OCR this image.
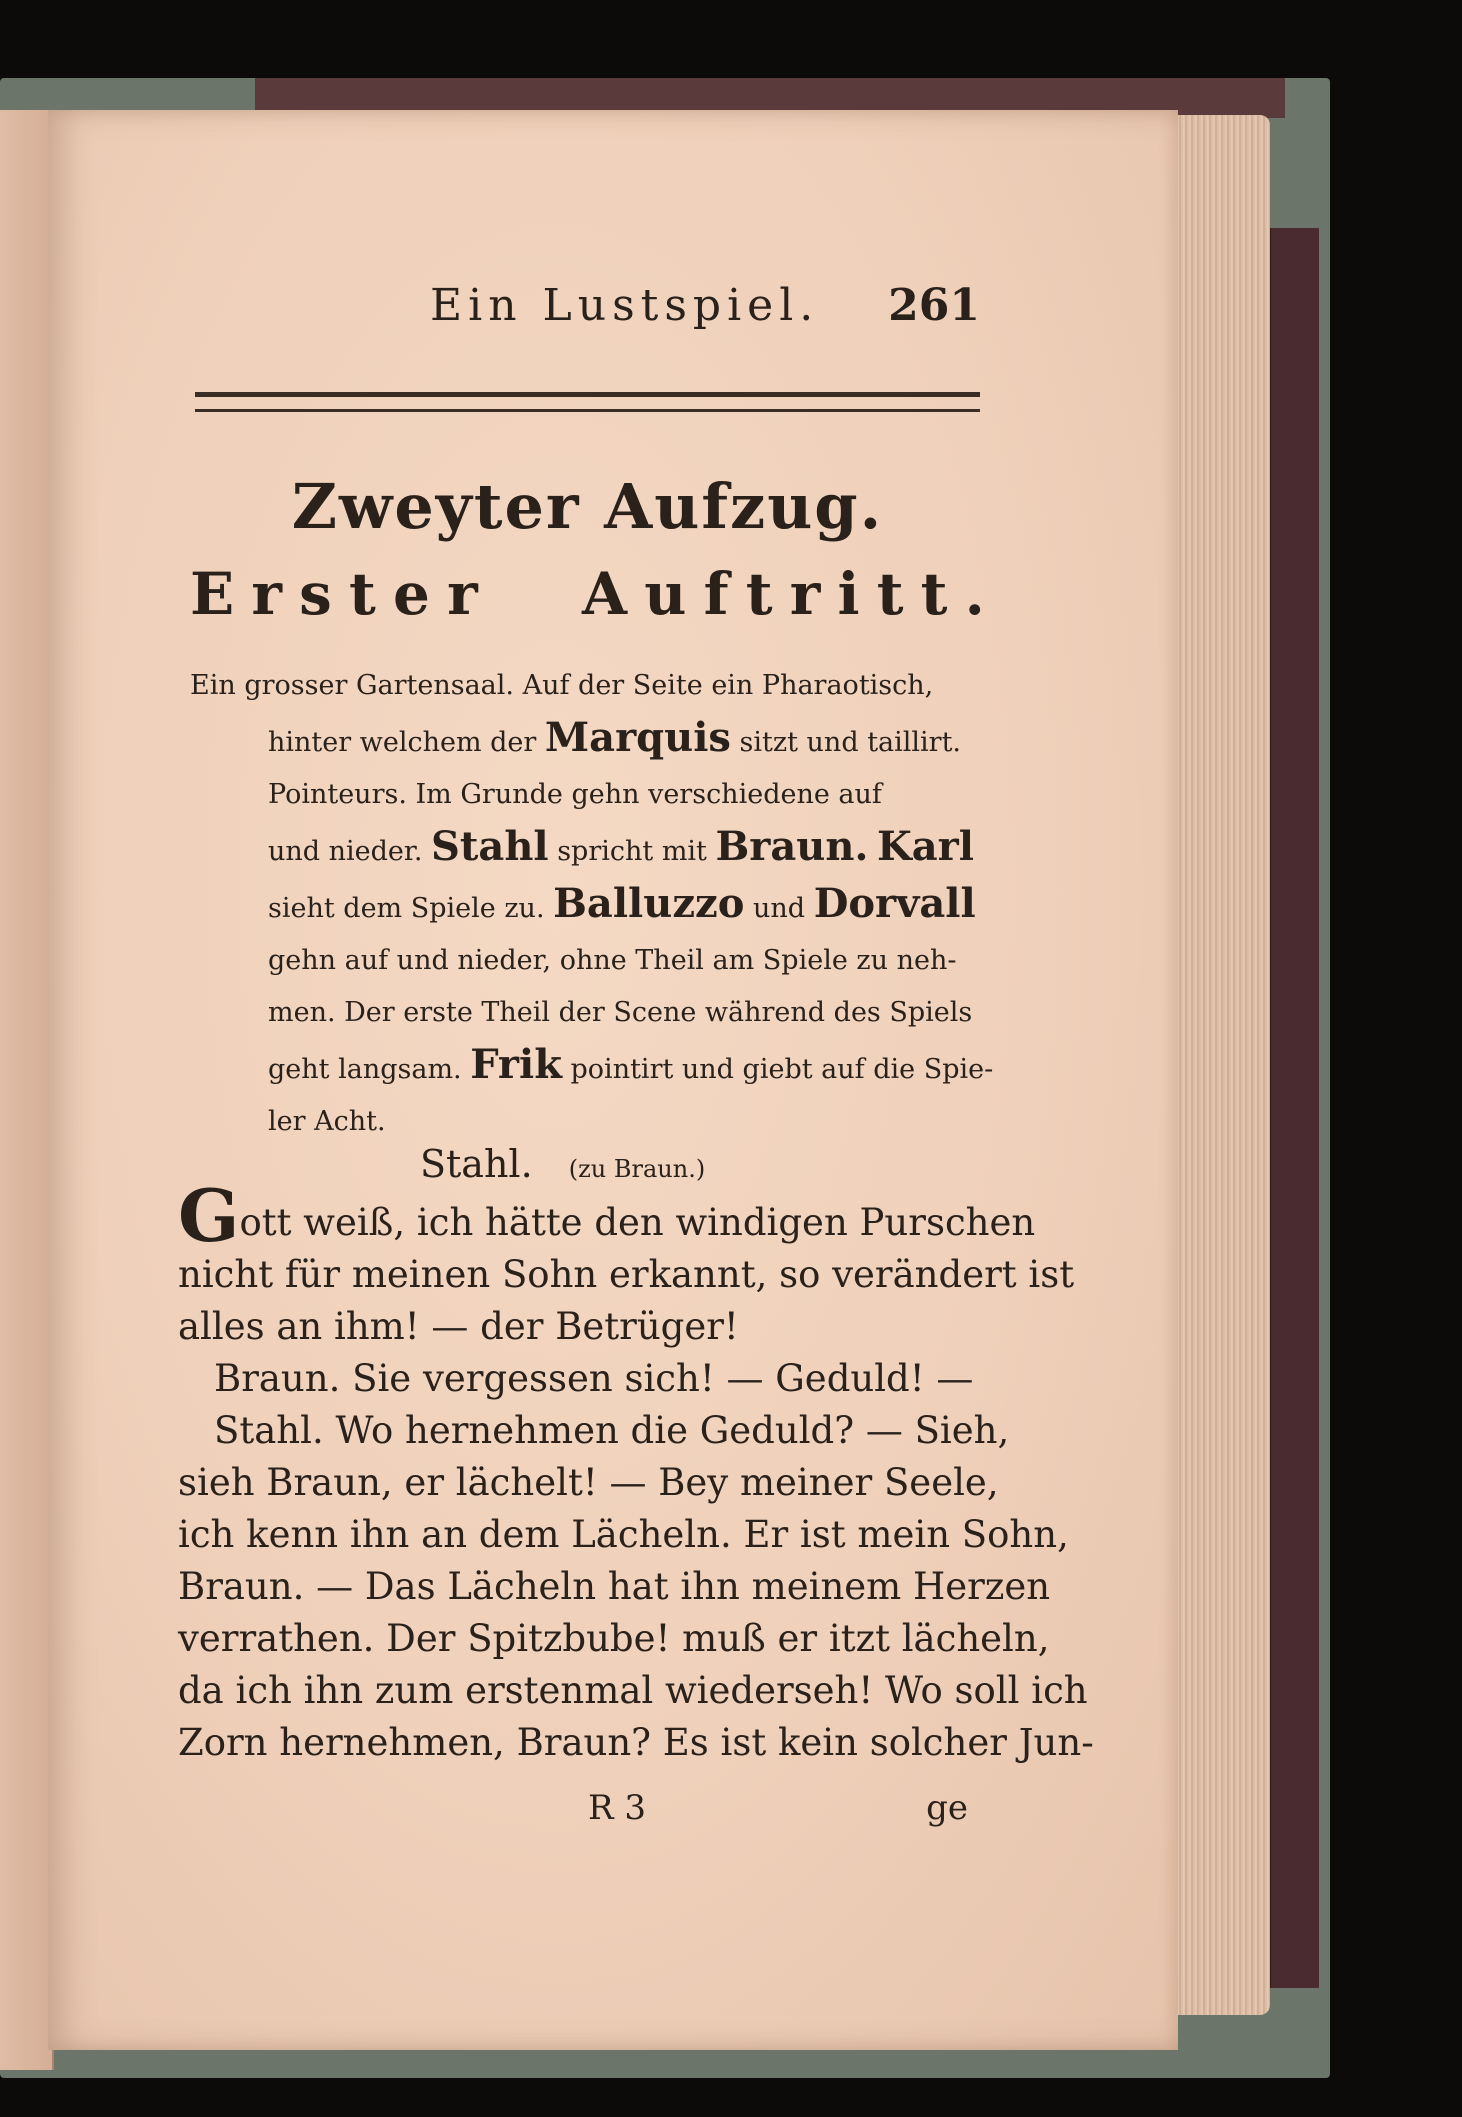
Ein Lustspiel. 261
Zweyter Aufzug.
E r s t e r A u f t r i t t .
Ein grosser Gartensaal. Auf der Seite ein Pharaotisch,
hinter welchem der Marquis sitzt und taillirt.
Pointeurs. Im Grunde gehn verschiedene auf
und nieder. Stahl spricht mit Braun. Karl
sieht dem Spiele zu. Balluzzo und Dorvall
gehn auf und nieder, ohne Theil am Spiele zu neh-
men. Der erste Theil der Scene während des Spiels
geht langsam. Frik pointirt und giebt auf die Spie-
ler Acht.
Stahl. (zu Braun.)
Gott weiß, ich hätte den windigen Purschen
nicht für meinen Sohn erkannt, so verändert ist
alles an ihm! — der Betrüger!
Braun. Sie vergessen sich! — Geduld! —
Stahl. Wo hernehmen die Geduld? — Sieh,
sieh Braun, er lächelt! — Bey meiner Seele,
ich kenn ihn an dem Lächeln. Er ist mein Sohn,
Braun. — Das Lächeln hat ihn meinem Herzen
verrathen. Der Spitzbube! muß er itzt lächeln,
da ich ihn zum erstenmal wiederseh! Wo soll ich
Zorn hernehmen, Braun? Es ist kein solcher Jun-
R 3	ge
